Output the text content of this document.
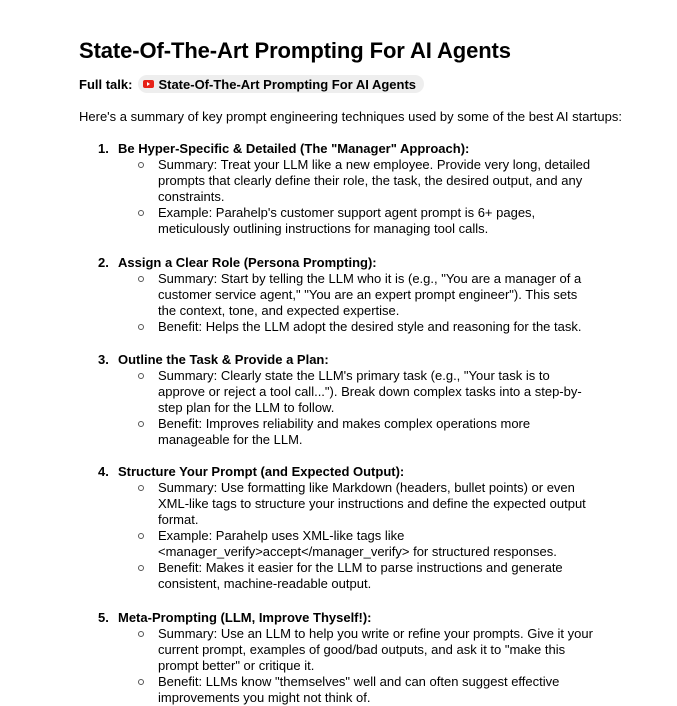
State-Of-The-Art Prompting For AI Agents
Full talk: State-Of-The-Art Prompting For AI Agents
Here's a summary of key prompt engineering techniques used by some of the best AI startups:
1. Be Hyper-Specific & Detailed (The "Manager" Approach):
Summary: Treat your LLM like a new employee. Provide very long, detailed prompts that clearly define their role, the task, the desired output, and any constraints.
Example: Parahelp's customer support agent prompt is 6+ pages, meticulously outlining instructions for managing tool calls.
2. Assign a Clear Role (Persona Prompting):
Summary: Start by telling the LLM who it is (e.g., "You are a manager of a customer service agent," "You are an expert prompt engineer"). This sets the context, tone, and expected expertise.
Benefit: Helps the LLM adopt the desired style and reasoning for the task.
3. Outline the Task & Provide a Plan:
Summary: Clearly state the LLM's primary task (e.g., "Your task is to approve or reject a tool call..."). Break down complex tasks into a step-by-step plan for the LLM to follow.
Benefit: Improves reliability and makes complex operations more manageable for the LLM.
4. Structure Your Prompt (and Expected Output):
Summary: Use formatting like Markdown (headers, bullet points) or even XML-like tags to structure your instructions and define the expected output format.
Example: Parahelp uses XML-like tags like <manager_verify>accept</manager_verify> for structured responses.
Benefit: Makes it easier for the LLM to parse instructions and generate consistent, machine-readable output.
5. Meta-Prompting (LLM, Improve Thyself!):
Summary: Use an LLM to help you write or refine your prompts. Give it your current prompt, examples of good/bad outputs, and ask it to "make this prompt better" or critique it.
Benefit: LLMs know "themselves" well and can often suggest effective improvements you might not think of.
